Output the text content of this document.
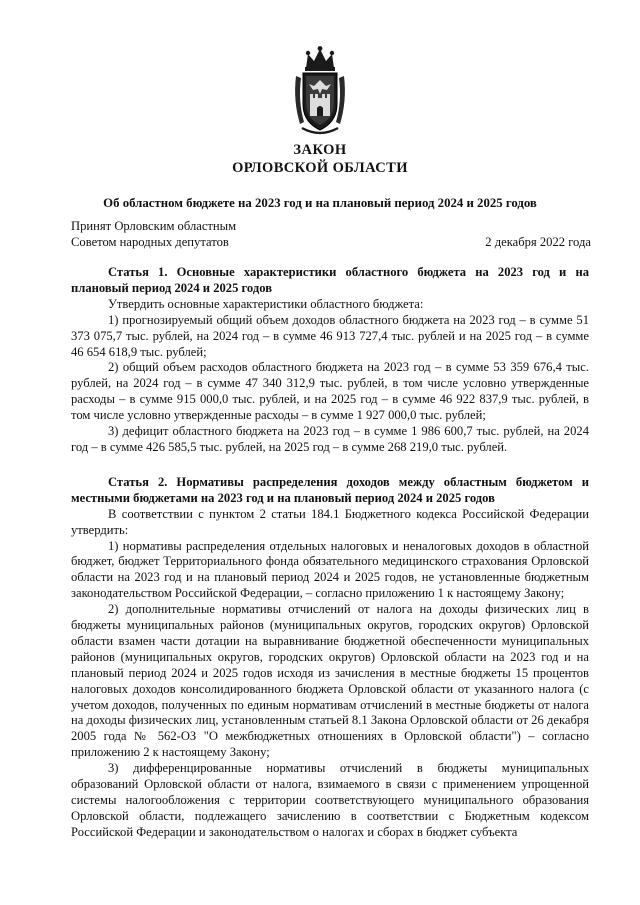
ЗАКОН
ОРЛОВСКОЙ ОБЛАСТИ
Об областном бюджете на 2023 год и на плановый период 2024 и 2025 годов
Принят Орловским областным
Советом народных депутатов	2 декабря 2022 года

Статья 1. Основные характеристики областного бюджета на 2023 год и на плановый период 2024 и 2025 годов

Утвердить основные характеристики областного бюджета:

1) прогнозируемый общий объем доходов областного бюджета на 2023 год – в сумме 51 373 075,7 тыс. рублей, на 2024 год – в сумме 46 913 727,4 тыс. рублей и на 2025 год – в сумме 46 654 618,9 тыс. рублей;

2) общий объем расходов областного бюджета на 2023 год – в сумме 53 359 676,4 тыс. рублей, на 2024 год – в сумме 47 340 312,9 тыс. рублей, в том числе условно утвержденные расходы – в сумме 915 000,0 тыс. рублей, и на 2025 год – в сумме 46 922 837,9 тыс. рублей, в том числе условно утвержденные расходы – в сумме 1 927 000,0 тыс. рублей;

3) дефицит областного бюджета на 2023 год – в сумме 1 986 600,7 тыс. рублей, на 2024 год – в сумме 426 585,5 тыс. рублей, на 2025 год – в сумме 268 219,0 тыс. рублей.

Статья 2. Нормативы распределения доходов между областным бюджетом и местными бюджетами на 2023 год и на плановый период 2024 и 2025 годов

В соответствии с пунктом 2 статьи 184.1 Бюджетного кодекса Российской Федерации утвердить:

1) нормативы распределения отдельных налоговых и неналоговых доходов в областной бюджет, бюджет Территориального фонда обязательного медицинского страхования Орловской области на 2023 год и на плановый период 2024 и 2025 годов, не установленные бюджетным законодательством Российской Федерации, – согласно приложению 1 к настоящему Закону;

2) дополнительные нормативы отчислений от налога на доходы физических лиц в бюджеты муниципальных районов (муниципальных округов, городских округов) Орловской области взамен части дотации на выравнивание бюджетной обеспеченности муниципальных районов (муниципальных округов, городских округов) Орловской области на 2023 год и на плановый период 2024 и 2025 годов исходя из зачисления в местные бюджеты 15 процентов налоговых доходов консолидированного бюджета Орловской области от указанного налога (с учетом доходов, полученных по единым нормативам отчислений в местные бюджеты от налога на доходы физических лиц, установленным статьей 8.1 Закона Орловской области от 26 декабря 2005 года № 562-ОЗ "О межбюджетных отношениях в Орловской области") – согласно приложению 2 к настоящему Закону;

3) дифференцированные нормативы отчислений в бюджеты муниципальных образований Орловской области от налога, взимаемого в связи с применением упрощенной системы налогообложения с территории соответствующего муниципального образования Орловской области, подлежащего зачислению в соответствии с Бюджетным кодексом Российской Федерации и законодательством о налогах и сборах в бюджет субъекта
